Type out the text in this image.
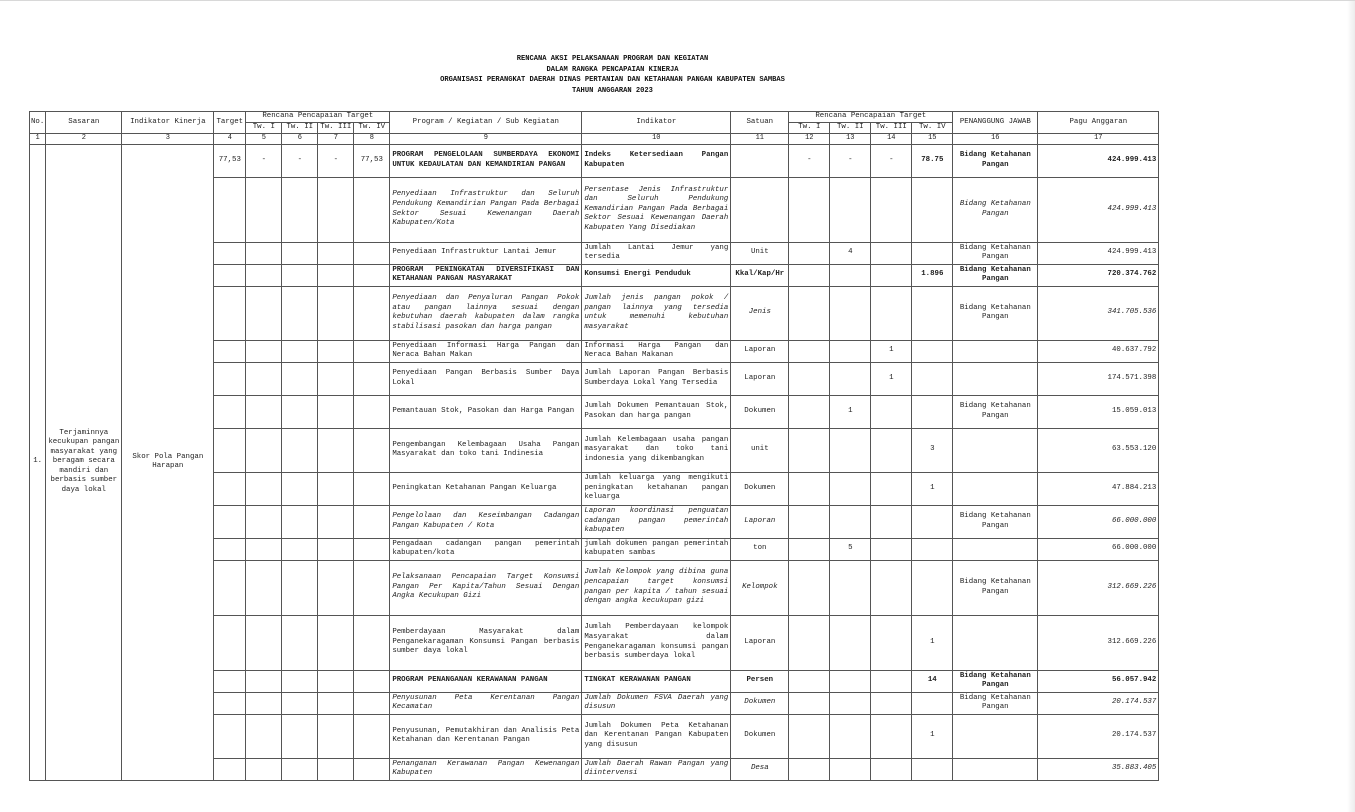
RENCANA AKSI PELAKSANAAN PROGRAM DAN KEGIATAN
DALAM RANGKA PENCAPAIAN KINERJA
ORGANISASI PERANGKAT DAERAH DINAS PERTANIAN DAN KETAHANAN PANGAN KABUPATEN SAMBAS
TAHUN ANGGARAN 2023
No.	Sasaran	Indikator Kinerja	Target	Rencana Pencapaian Target				Program / Kegiatan / Sub Kegiatan	Indikator	Satuan	Rencana Pencapaian Target				PENANGGUNG JAWAB	Pagu Anggaran
				Tw. I	Tw. II	Tw. III	Tw. IV				Tw. I	Tw. II	Tw. III	Tw. IV		
1	2	3	4	5	6	7	8	9	10	11	12	13	14	15	16	17
1.	Terjaminnya kecukupan pangan masyarakat yang beragam secara mandiri dan berbasis sumber daya lokal	Skor Pola Pangan Harapan	77,53	-	-	-	77,53	PROGRAM PENGELOLAAN SUMBERDAYA EKONOMI UNTUK KEDAULATAN DAN KEMANDIRIAN PANGAN	Indeks Ketersediaan Pangan Kabupaten		-	-	-	78.75	Bidang Ketahanan Pangan	424.999.413
								Penyediaan Infrastruktur dan Seluruh Pendukung Kemandirian Pangan Pada Berbagai Sektor Sesuai Kewenangan Daerah Kabupaten/Kota	Persentase Jenis Infrastruktur dan Seluruh Pendukung Kemandirian Pangan Pada Berbagai Sektor Sesuai Kewenangan Daerah Kabupaten Yang Disediakan						Bidang Ketahanan Pangan	424.999.413
								Penyediaan Infrastruktur Lantai Jemur	Jumlah Lantai Jemur yang tersedia	Unit		4			Bidang Ketahanan Pangan	424.999.413
								PROGRAM PENINGKATAN DIVERSIFIKASI DAN KETAHANAN PANGAN MASYARAKAT	Konsumsi Energi Penduduk	Kkal/Kap/Hr				1.896	Bidang Ketahanan Pangan	720.374.762
								Penyediaan dan Penyaluran Pangan Pokok atau pangan lainnya sesuai dengan kebutuhan daerah kabupaten dalam rangka stabilisasi pasokan dan harga pangan	Jumlah jenis pangan pokok / pangan lainnya yang tersedia untuk memenuhi kebutuhan masyarakat	Jenis					Bidang Ketahanan Pangan	341.705.536
								Penyediaan Informasi Harga Pangan dan Neraca Bahan Makan	Informasi Harga Pangan dan Neraca Bahan Makanan	Laporan			1			40.637.792
								Penyediaan Pangan Berbasis Sumber Daya Lokal	Jumlah Laporan Pangan Berbasis Sumberdaya Lokal Yang Tersedia	Laporan			1			174.571.398
								Pemantauan Stok, Pasokan dan Harga Pangan	Jumlah Dokumen Pemantauan Stok, Pasokan dan harga pangan	Dokumen		1			Bidang Ketahanan Pangan	15.059.013
								Pengembangan Kelembagaan Usaha Pangan Masyarakat dan toko tani Indinesia	Jumlah Kelembagaan usaha pangan masyarakat dan toko tani indonesia yang dikembangkan	unit				3		63.553.120
								Peningkatan Ketahanan Pangan Keluarga	Jumlah keluarga yang mengikuti peningkatan ketahanan pangan keluarga	Dokumen				1		47.884.213
								Pengelolaan dan Keseimbangan Cadangan Pangan Kabupaten / Kota	Laporan koordinasi penguatan cadangan pangan pemerintah kabupaten	Laporan					Bidang Ketahanan Pangan	66.000.000
								Pengadaan cadangan pangan pemerintah kabupaten/kota	jumlah dokumen pangan pemerintah kabupaten sambas	ton		5				66.000.000
								Pelaksanaan Pencapaian Target Konsumsi Pangan Per Kapita/Tahun Sesuai Dengan Angka Kecukupan Gizi	Jumlah Kelompok yang dibina guna pencapaian target konsumsi pangan per kapita / tahun sesuai dengan angka kecukupan gizi	Kelompok					Bidang Ketahanan Pangan	312.669.226
								Pemberdayaan Masyarakat dalam Penganekaragaman Konsumsi Pangan berbasis sumber daya lokal	Jumlah Pemberdayaan kelompok Masyarakat dalam Penganekaragaman konsumsi pangan berbasis sumberdaya lokal	Laporan				1		312.669.226
								PROGRAM PENANGANAN KERAWANAN PANGAN	TINGKAT KERAWANAN PANGAN	Persen				14	Bidang Ketahanan Pangan	56.057.942
								Penyusunan Peta Kerentanan Pangan Kecamatan	Jumlah Dokumen FSVA Daerah yang disusun	Dokumen					Bidang Ketahanan Pangan	20.174.537
								Penyusunan, Pemutakhiran dan Analisis Peta Ketahanan dan Kerentanan Pangan	Jumlah Dokumen Peta Ketahanan dan Kerentanan Pangan Kabupaten yang disusun	Dokumen				1		20.174.537
								Penanganan Kerawanan Pangan Kewenangan Kabupaten	Jumlah Daerah Rawan Pangan yang diintervensi	Desa						35.883.405
